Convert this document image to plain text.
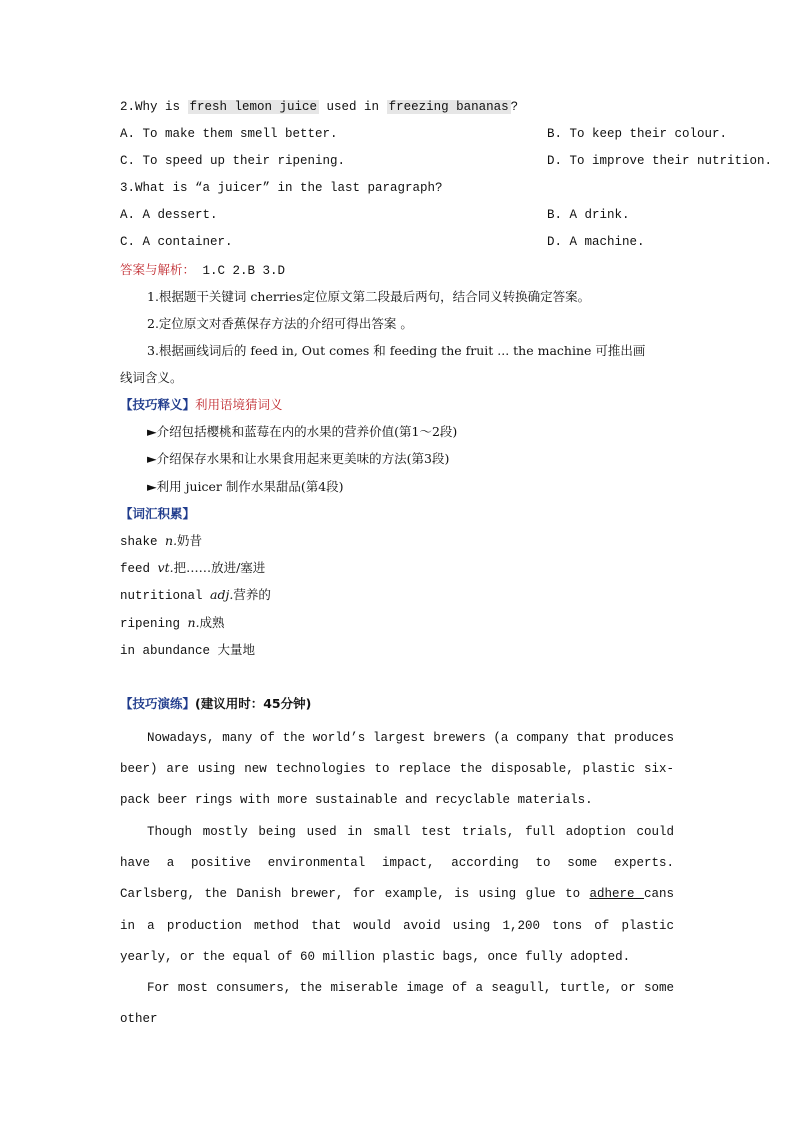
2.Why is fresh lemon juice used in freezing bananas ?
A. To make them smell better.	B. To keep their colour.
C. To speed up their ripening.	D. To improve their nutrition.
3.What is “a juicer” in the last paragraph?
A. A dessert.	B. A drink.
C. A container.	D. A machine.
答案与解析： 1.C 2.B 3.D
1.根据题干关键词 cherries定位原文第二段最后两句，结合同义转换确定答案。
2.定位原文对香蕉保存方法的介绍可得出答案 。
3.根据画线词后的 feed in, Out comes 和 feeding the fruit ... the machine 可推出画
线词含义。
【技巧释义】利用语境猜词义
►介绍包括樱桃和蓝莓在内的水果的营养价值(第1～2段)
►介绍保存水果和让水果食用起来更美味的方法(第3段)
►利用 juicer 制作水果甜品(第4段)
【词汇积累】
shake n.奶昔
feed vt.把……放进/塞进
nutritional adj.营养的
ripening n.成熟
in abundance 大量地
【技巧演练】(建议用时：45分钟)
Nowadays, many of the world’s largest brewers (a company that produces beer) are using new technologies to replace the disposable, plastic six-pack beer rings with more sustainable and recyclable materials.
Though mostly being used in small test trials, full adoption could have a positive environmental impact, according to some experts. Carlsberg, the Danish brewer, for example, is using glue to adhere cans in a production method that would avoid using 1,200 tons of plastic yearly, or the equal of 60 million plastic bags, once fully adopted.
For most consumers, the miserable image of a seagull, turtle, or some other
